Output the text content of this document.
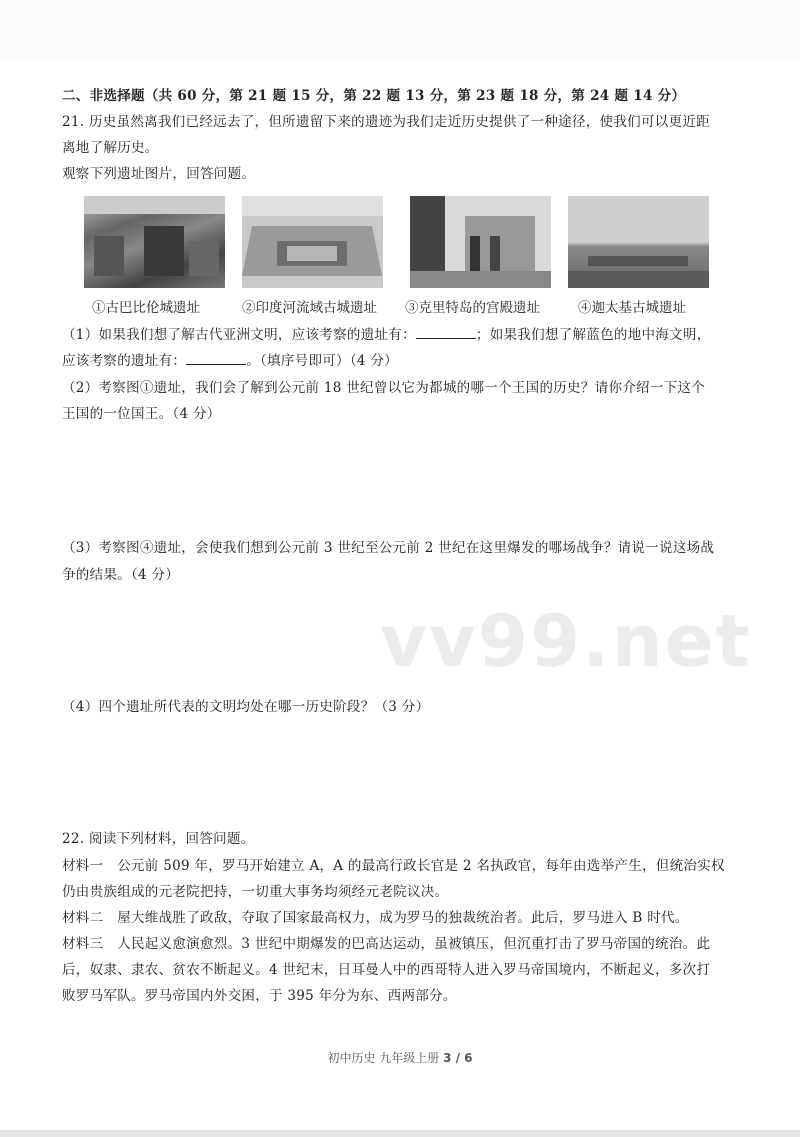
vv99.net
二、非选择题（共 60 分，第 21 题 15 分，第 22 题 13 分，第 23 题 18 分，第 24 题 14 分）
21. 历史虽然离我们已经远去了，但所遗留下来的遗迹为我们走近历史提供了一种途径，使我们可以更近距
离地了解历史。
观察下列遗址图片，回答问题。
①古巴比伦城遗址	②印度河流域古城遗址 ③克里特岛的宫殿遗址	④迦太基古城遗址
（1）如果我们想了解古代亚洲文明，应该考察的遗址有：	；如果我们想了解蓝色的地中海文明，
应该考察的遗址有：	。（填序号即可）（4 分）
（2）考察图①遗址，我们会了解到公元前 18 世纪曾以它为都城的哪一个王国的历史？请你介绍一下这个
王国的一位国王。（4 分）
（3）考察图④遗址，会使我们想到公元前 3 世纪至公元前 2 世纪在这里爆发的哪场战争？请说一说这场战
争的结果。（4 分）
（4）四个遗址所代表的文明均处在哪一历史阶段？（3 分）
22. 阅读下列材料，回答问题。
材料一　公元前 509 年，罗马开始建立 A，A 的最高行政长官是 2 名执政官，每年由选举产生，但统治实权
仍由贵族组成的元老院把持，一切重大事务均须经元老院议决。
材料二　屋大维战胜了政敌，夺取了国家最高权力，成为罗马的独裁统治者。此后，罗马进入 B 时代。
材料三　人民起义愈演愈烈。3 世纪中期爆发的巴高达运动，虽被镇压，但沉重打击了罗马帝国的统治。此
后，奴隶、隶农、贫农不断起义。4 世纪末，日耳曼人中的西哥特人进入罗马帝国境内，不断起义，多次打
败罗马军队。罗马帝国内外交困，于 395 年分为东、西两部分。
初中历史 九年级上册 3 / 6
